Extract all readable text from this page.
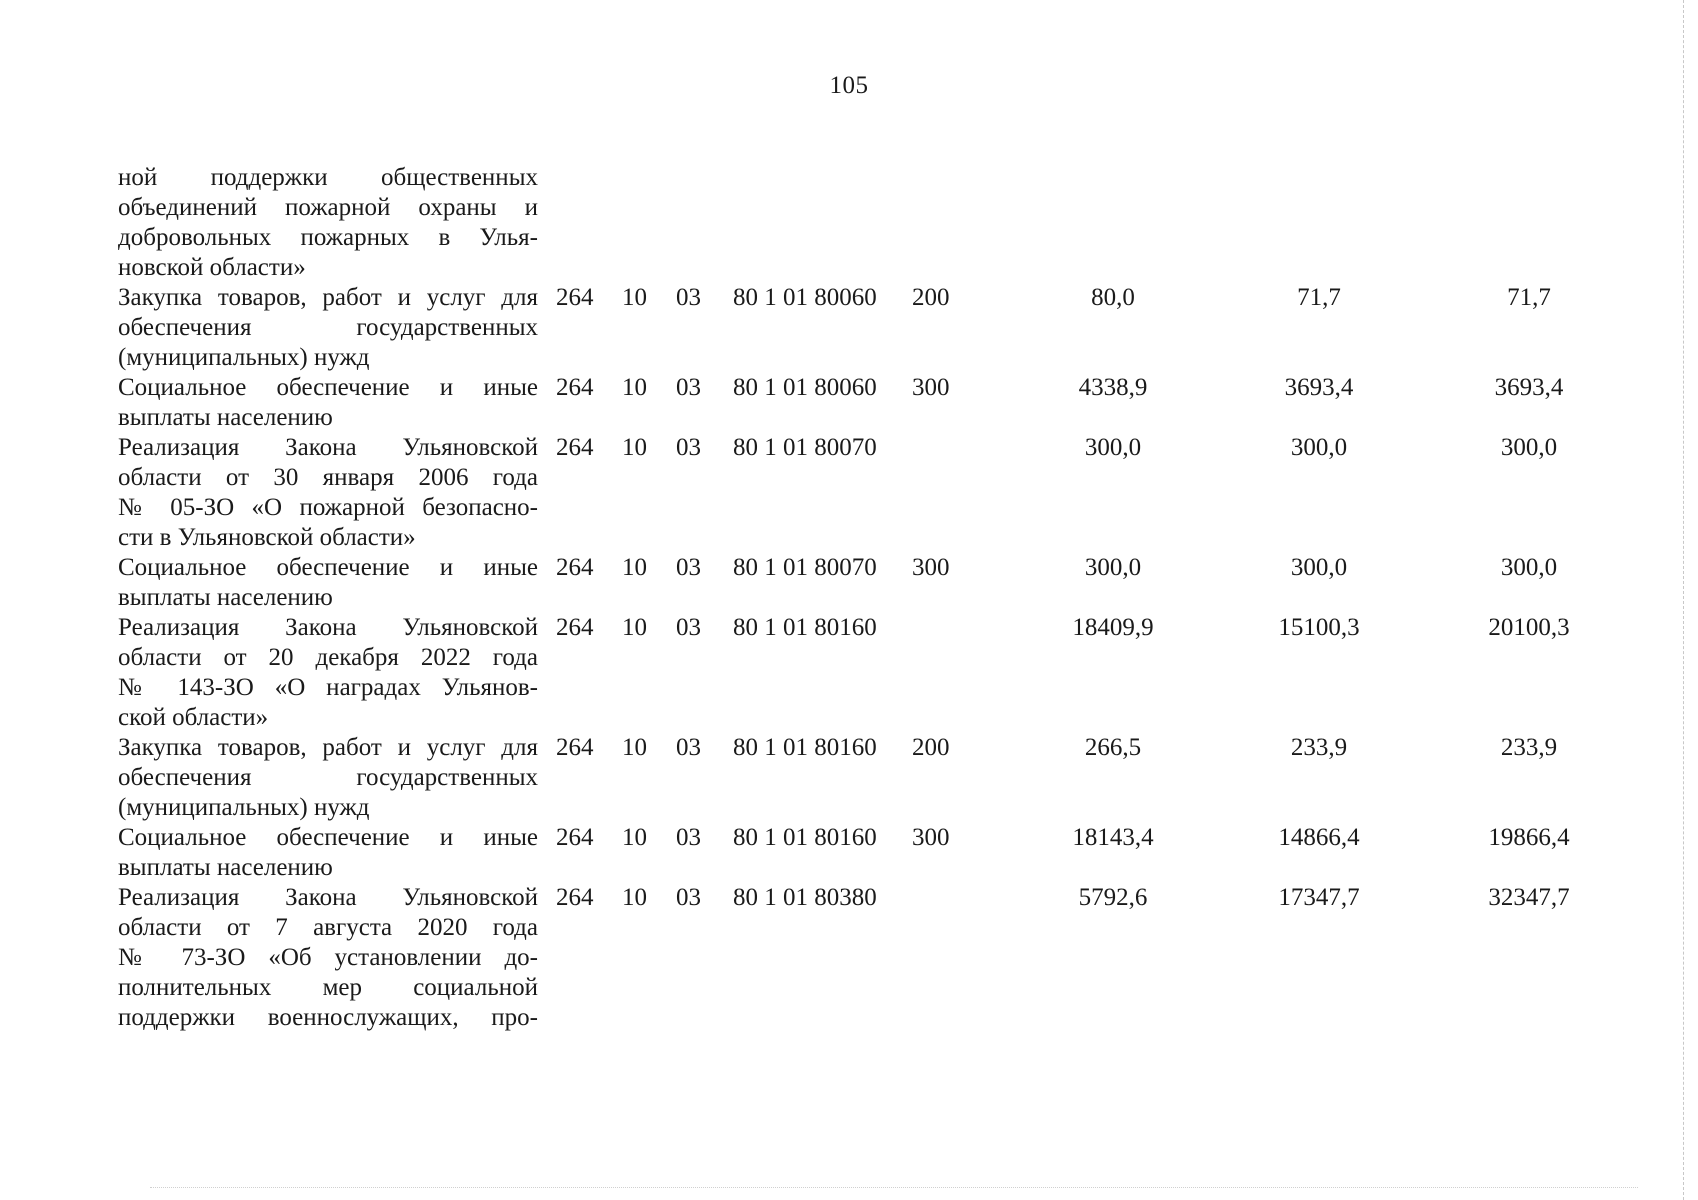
105
ной поддержки общественных
объединений пожарной охраны и
добровольных пожарных в Улья-
новской области»
Закупка товаров, работ и услуг для
обеспечения государственных
(муниципальных) нужд
264 10 03 80 1 01 80060 200	80,0	71,7	71,7
Социальное обеспечение и иные
выплаты населению
264 10 03 80 1 01 80060 300	4338,9	3693,4	3693,4
Реализация Закона Ульяновской
области от 30 января 2006 года
№ 05-ЗО «О пожарной безопасно-
сти в Ульяновской области»
264 10 03 80 1 01 80070	300,0	300,0	300,0
Социальное обеспечение и иные
выплаты населению
264 10 03 80 1 01 80070 300	300,0	300,0	300,0
Реализация Закона Ульяновской
области от 20 декабря 2022 года
№ 143-ЗО «О наградах Ульянов-
ской области»
264 10 03 80 1 01 80160	18409,9	15100,3	20100,3
Закупка товаров, работ и услуг для
обеспечения государственных
(муниципальных) нужд
264 10 03 80 1 01 80160 200	266,5	233,9	233,9
Социальное обеспечение и иные
выплаты населению
264 10 03 80 1 01 80160 300	18143,4	14866,4	19866,4
Реализация Закона Ульяновской
области от 7 августа 2020 года
№ 73-ЗО «Об установлении до-
полнительных мер социальной
поддержки военнослужащих, про-
264 10 03 80 1 01 80380	5792,6	17347,7	32347,7
